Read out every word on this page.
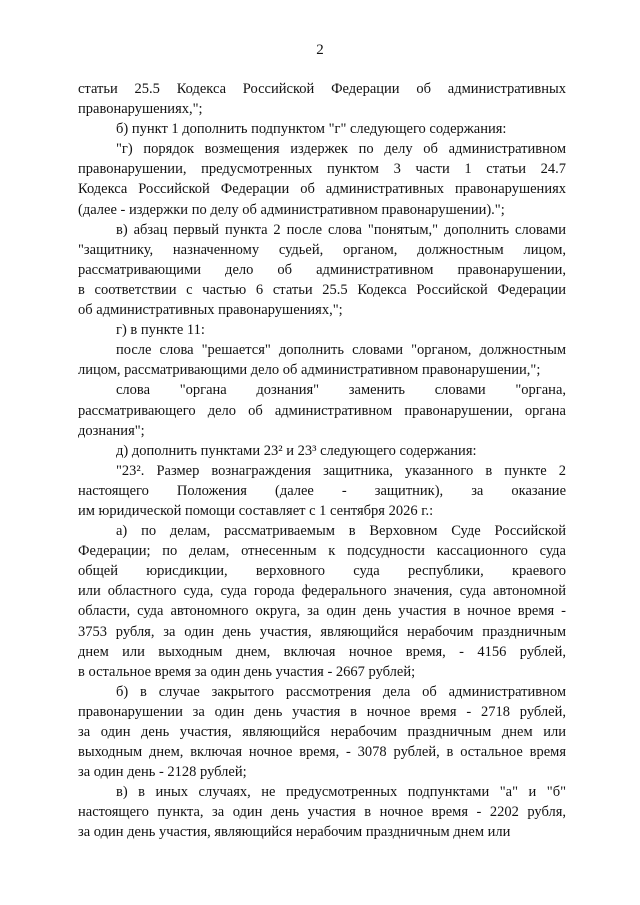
2
статьи 25.5 Кодекса Российской Федерации об административных
правонарушениях,";
б) пункт 1 дополнить подпунктом "г" следующего содержания:
"г) порядок возмещения издержек по делу об административном
правонарушении, предусмотренных пунктом 3 части 1 статьи 24.7
Кодекса Российской Федерации об административных правонарушениях
(далее - издержки по делу об административном правонарушении).";
в) абзац первый пункта 2 после слова "понятым," дополнить словами
"защитнику, назначенному судьей, органом, должностным лицом,
рассматривающими дело об административном правонарушении,
в соответствии с частью 6 статьи 25.5 Кодекса Российской Федерации
об административных правонарушениях,";
г) в пункте 11:
после слова "решается" дополнить словами "органом, должностным
лицом, рассматривающими дело об административном правонарушении,";
слова "органа дознания" заменить словами "органа,
рассматривающего дело об административном правонарушении, органа
дознания";
д) дополнить пунктами 23² и 23³ следующего содержания:
"23². Размер вознаграждения защитника, указанного в пункте 2
настоящего Положения (далее - защитник), за оказание
им юридической помощи составляет с 1 сентября 2026 г.:
а) по делам, рассматриваемым в Верховном Суде Российской
Федерации; по делам, отнесенным к подсудности кассационного суда
общей юрисдикции, верховного суда республики, краевого
или областного суда, суда города федерального значения, суда автономной
области, суда автономного округа, за один день участия в ночное время -
3753 рубля, за один день участия, являющийся нерабочим праздничным
днем или выходным днем, включая ночное время, - 4156 рублей,
в остальное время за один день участия - 2667 рублей;
б) в случае закрытого рассмотрения дела об административном
правонарушении за один день участия в ночное время - 2718 рублей,
за один день участия, являющийся нерабочим праздничным днем или
выходным днем, включая ночное время, - 3078 рублей, в остальное время
за один день - 2128 рублей;
в) в иных случаях, не предусмотренных подпунктами "а" и "б"
настоящего пункта, за один день участия в ночное время - 2202 рубля,
за один день участия, являющийся нерабочим праздничным днем или
